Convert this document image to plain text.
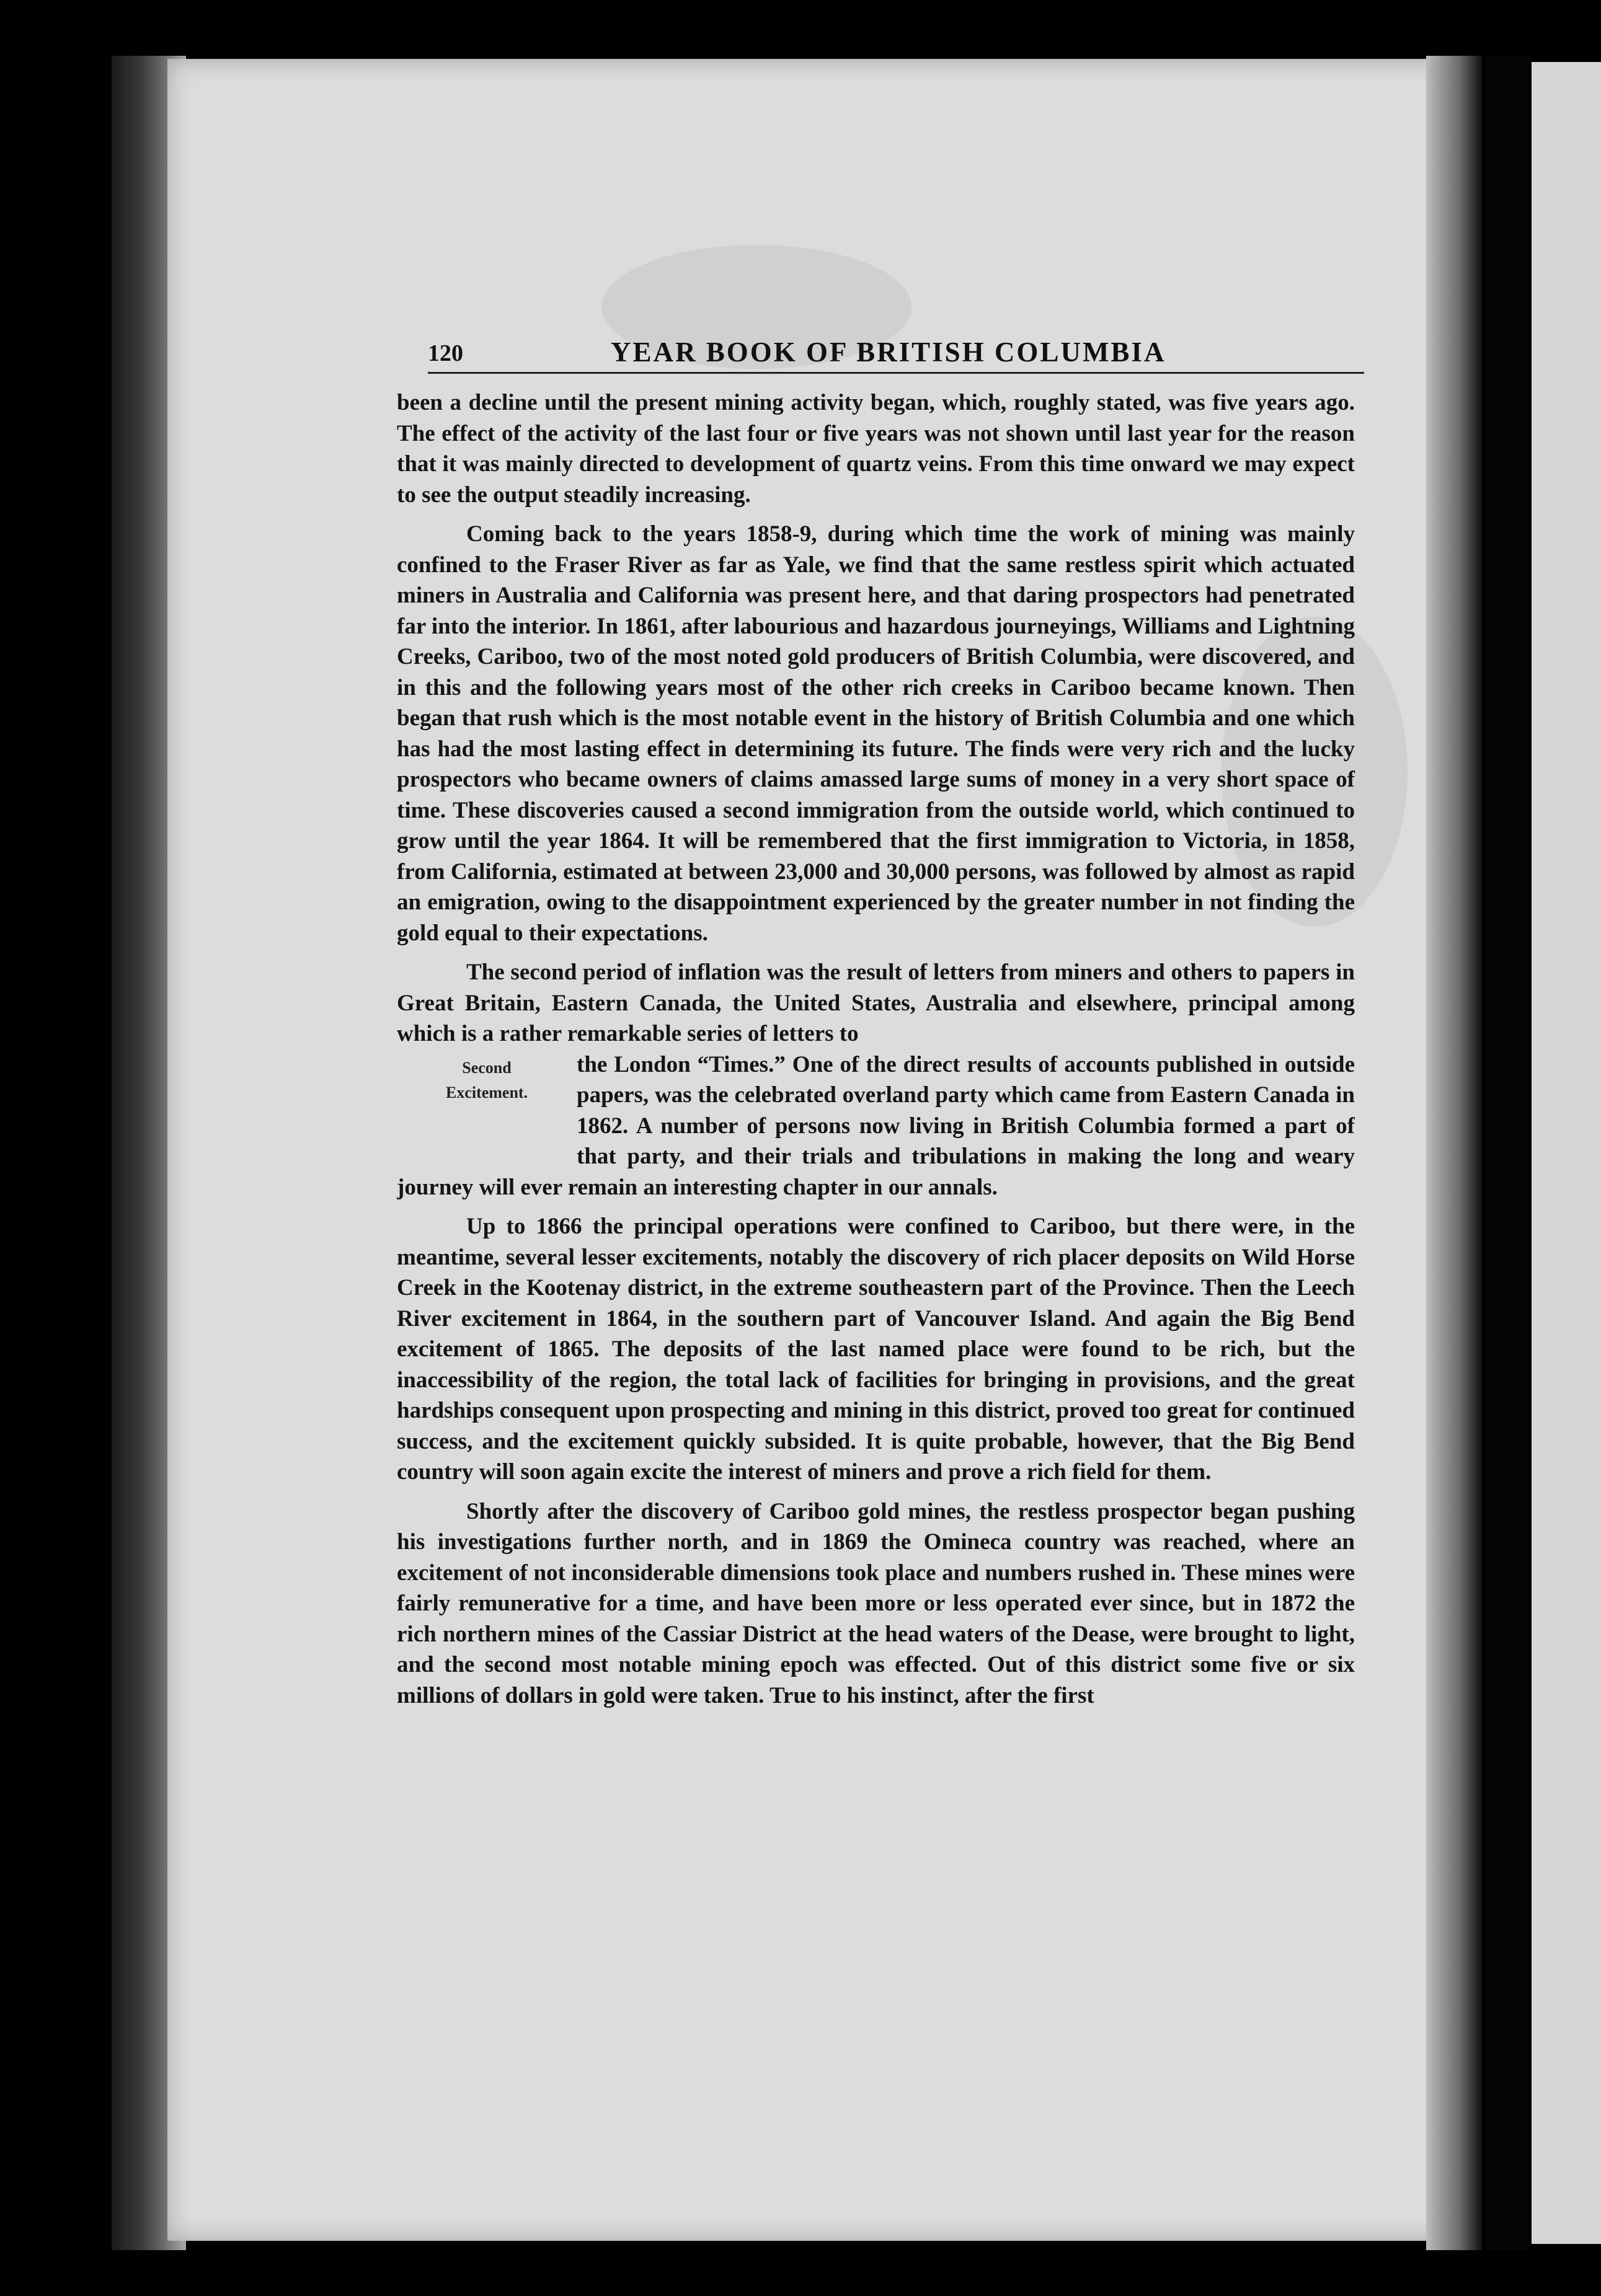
120	YEAR BOOK OF BRITISH COLUMBIA

been a decline until the present mining activity began, which, roughly stated, was five years ago. The effect of the activity of the last four or five years was not shown until last year for the reason that it was mainly directed to development of quartz veins. From this time onward we may expect to see the output steadily increasing.

Coming back to the years 1858-9, during which time the work of mining was mainly confined to the Fraser River as far as Yale, we find that the same restless spirit which actuated miners in Australia and California was present here, and that daring prospectors had penetrated far into the interior. In 1861, after labourious and hazardous journeyings, Williams and Lightning Creeks, Cariboo, two of the most noted gold producers of British Columbia, were discovered, and in this and the following years most of the other rich creeks in Cariboo became known. Then began that rush which is the most notable event in the history of British Columbia and one which has had the most lasting effect in determining its future. The finds were very rich and the lucky prospectors who became owners of claims amassed large sums of money in a very short space of time. These discoveries caused a second immigration from the outside world, which continued to grow until the year 1864. It will be remembered that the first immigration to Victoria, in 1858, from California, estimated at between 23,000 and 30,000 persons, was followed by almost as rapid an emigration, owing to the disappointment experienced by the greater number in not finding the gold equal to their expectations.

The second period of inflation was the result of letters from miners and others to papers in Great Britain, Eastern Canada, the United States, Australia and elsewhere, principal among which is a rather remarkable series of letters to

Second
Excitement.

the London “Times.” One of the direct results of accounts published in outside papers, was the celebrated overland party which came from Eastern Canada in 1862. A number of persons now living in British Columbia formed a part of that party, and their trials and tribulations in making the long and weary journey will ever remain an interesting chapter in our annals.

Up to 1866 the principal operations were confined to Cariboo, but there were, in the meantime, several lesser excitements, notably the discovery of rich placer deposits on Wild Horse Creek in the Kootenay district, in the extreme southeastern part of the Province. Then the Leech River excitement in 1864, in the southern part of Vancouver Island. And again the Big Bend excitement of 1865. The deposits of the last named place were found to be rich, but the inaccessibility of the region, the total lack of facilities for bringing in provisions, and the great hardships consequent upon prospecting and mining in this district, proved too great for continued success, and the excitement quickly subsided. It is quite probable, however, that the Big Bend country will soon again excite the interest of miners and prove a rich field for them.

Shortly after the discovery of Cariboo gold mines, the restless prospector began pushing his investigations further north, and in 1869 the Omineca country was reached, where an excitement of not inconsiderable dimensions took place and numbers rushed in. These mines were fairly remunerative for a time, and have been more or less operated ever since, but in 1872 the rich northern mines of the Cassiar District at the head waters of the Dease, were brought to light, and the second most notable mining epoch was effected. Out of this district some five or six millions of dollars in gold were taken. True to his instinct, after the first
